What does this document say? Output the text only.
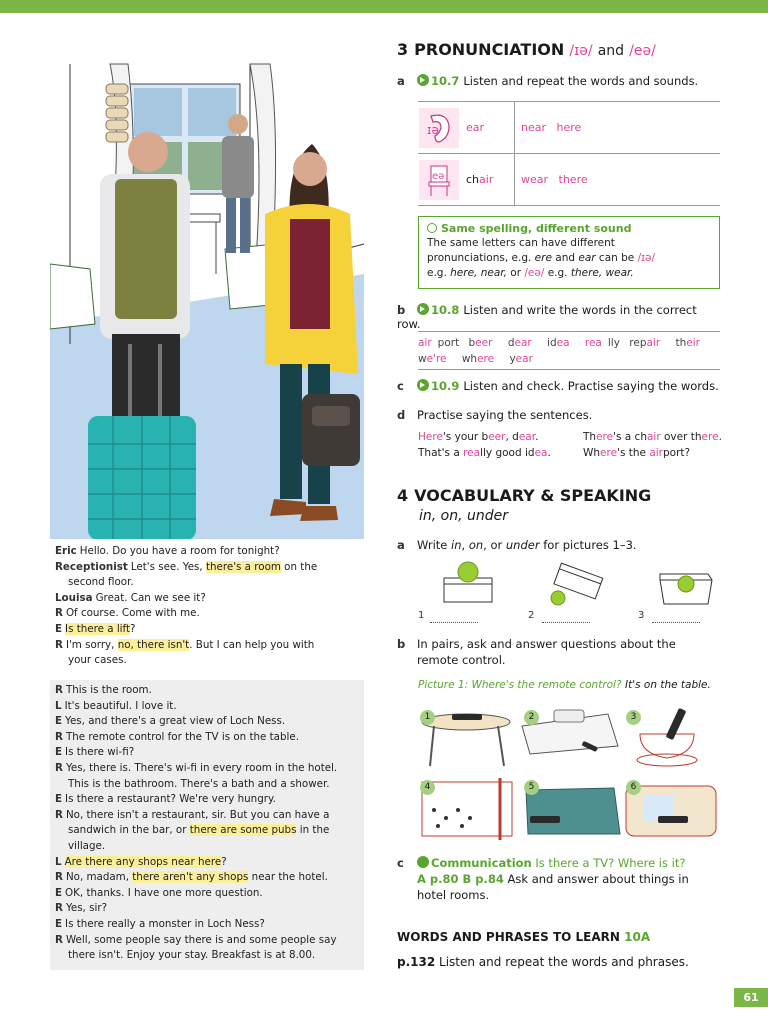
Eric Hello. Do you have a room for tonight?
Receptionist Let's see. Yes, there's a room on the
second floor.
Louisa Great. Can we see it?
R Of course. Come with me.
E Is there a lift?
R I'm sorry, no, there isn't. But I can help you with
your cases.
R This is the room.
L It's beautiful. I love it.
E Yes, and there's a great view of Loch Ness.
R The remote control for the TV is on the table.
E Is there wi-fi?
R Yes, there is. There's wi-fi in every room in the hotel.
This is the bathroom. There's a bath and a shower.
E Is there a restaurant? We're very hungry.
R No, there isn't a restaurant, sir. But you can have a
sandwich in the bar, or there are some pubs in the
village.
L Are there any shops near here?
R No, madam, there aren't any shops near the hotel.
E OK, thanks. I have one more question.
R Yes, sir?
E Is there really a monster in Loch Ness?
R Well, some people say there is and some people say
there isn't. Enjoy your stay. Breakfast is at 8.00.
3 PRONUNCIATION /ɪə/ and /eə/
a 10.7 Listen and repeat the words and sounds.
ɪə ear	near   here
eə chair	wear   there
Same spelling, different sound
The same letters can have different
pronunciations, e.g. ere and ear can be /ɪə/
e.g. here, near, or /eə/ e.g. there, wear.
b 10.8 Listen and write the words in the correct row.
air port beer dear idea rea lly repair their
we're where year
c 10.9 Listen and check. Practise saying the words.
d Practise saying the sentences.
Here's your beer, dear.	There's a chair over there.
That's a really good idea.	Where's the airport?
4 VOCABULARY & SPEAKING
in, on, under
a Write in, on, or under for pictures 1–3.
1	2	3
b In pairs, ask and answer questions about the
remote control.
Picture 1: Where's the remote control? It's on the table.
1	2	3
4	5	6
c Communication Is there a TV? Where is it?
A p.80 B p.84 Ask and answer about things in
hotel rooms.
WORDS AND PHRASES TO LEARN 10A
p.132 Listen and repeat the words and phrases.
61
